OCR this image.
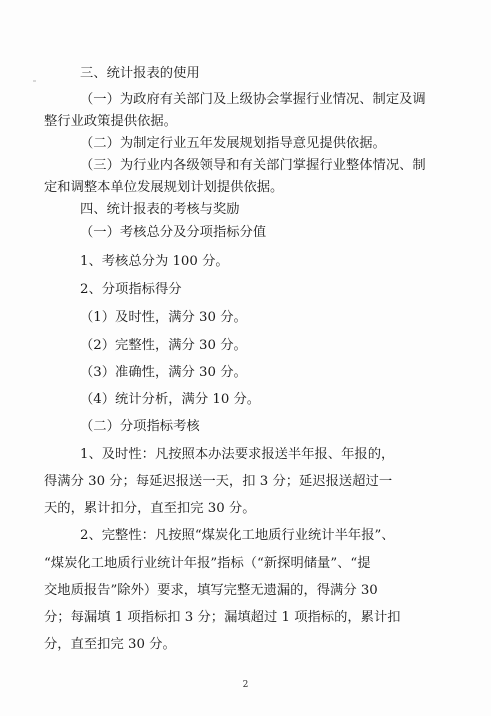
三、统计报表的使用
（一）为政府有关部门及上级协会掌握行业情况、制定及调
整行业政策提供依据。
（二）为制定行业五年发展规划指导意见提供依据。
（三）为行业内各级领导和有关部门掌握行业整体情况、制
定和调整本单位发展规划计划提供依据。
四、统计报表的考核与奖励
（一）考核总分及分项指标分值
1、考核总分为 100 分。
2、分项指标得分
（1）及时性，满分 30 分。
（2）完整性，满分 30 分。
（3）准确性，满分 30 分。
（4）统计分析，满分 10 分。
（二）分项指标考核
1、及时性：凡按照本办法要求报送半年报、年报的，
得满分 30 分；每延迟报送一天，扣 3 分；延迟报送超过一
天的，累计扣分，直至扣完 30 分。
2、完整性：凡按照“煤炭化工地质行业统计半年报”、
“煤炭化工地质行业统计年报”指标（“新探明储量”、“提
交地质报告”除外）要求，填写完整无遗漏的，得满分 30
分；每漏填 1 项指标扣 3 分；漏填超过 1 项指标的，累计扣
分，直至扣完 30 分。
2
